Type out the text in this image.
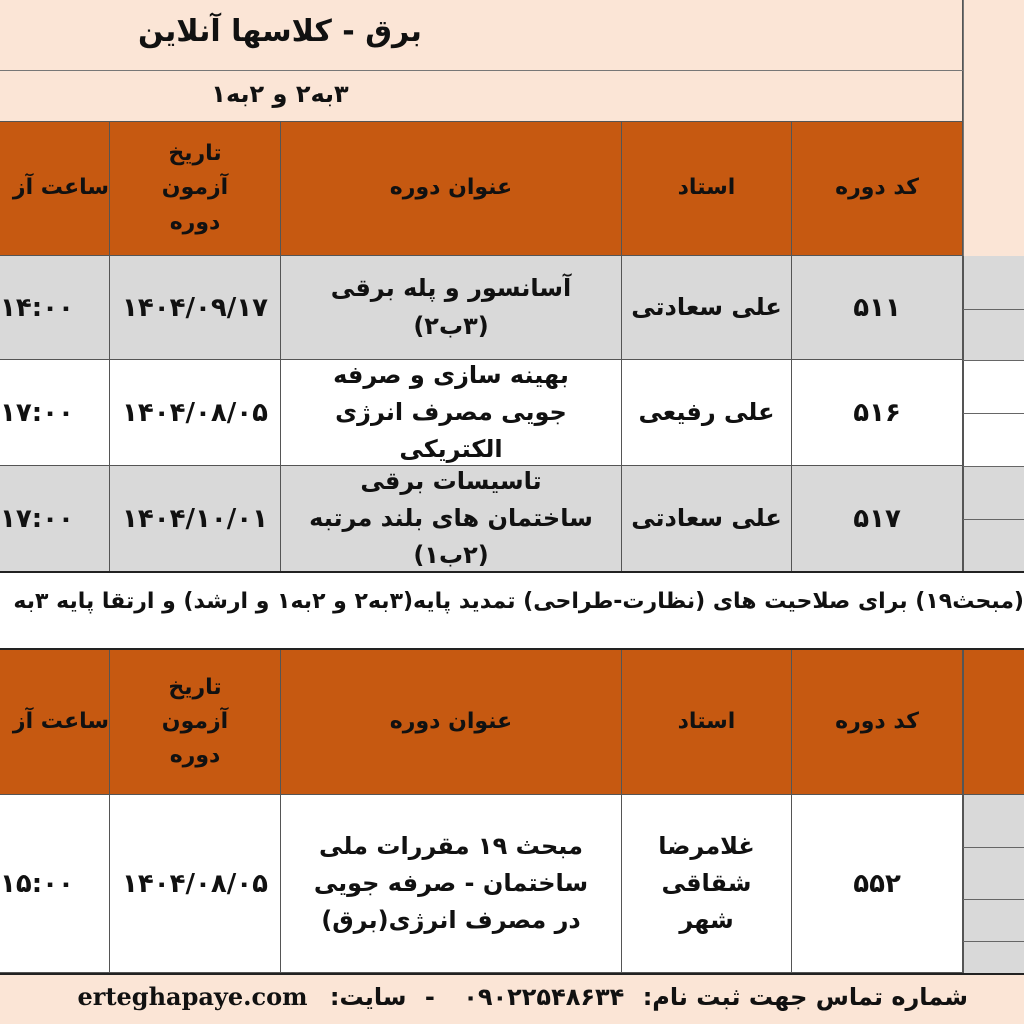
برق - کلاسها آنلاین
۳به۲ و ۲به۱
کد دوره
استاد
عنوان دوره
تاریخ آزمون دوره
ساعت آز
۵۱۱
علی سعادتی
آسانسور و پله برقی (۳ب۲)
۱۴۰۴/۰۹/۱۷
۱۴:۰۰
۵۱۶
علی رفیعی
بهینه سازی و صرفه جویی مصرف انرژی الکتریکی
۱۴۰۴/۰۸/۰۵
۱۷:۰۰
۵۱۷
علی سعادتی
تاسیسات برقی ساختمان های بلند مرتبه (۲ب۱)
۱۴۰۴/۱۰/۰۱
۱۷:۰۰
(مبحث۱۹) برای صلاحیت های (نظارت-طراحی) تمدید پایه(۳به۲ و ۲به۱ و ارشد) و ارتقا پایه ۳به
کد دوره
استاد
عنوان دوره
تاریخ آزمون دوره
ساعت آز
۵۵۲
غلامرضا شقاقی شهر
مبحث ۱۹ مقررات ملی ساختمان - صرفه جویی در مصرف انرژی(برق)
۱۴۰۴/۰۸/۰۵
۱۵:۰۰
شماره تماس جهت ثبت نام: ۰۹۰۲۲۵۴۸۶۳۴ - سایت: erteghapaye.com
